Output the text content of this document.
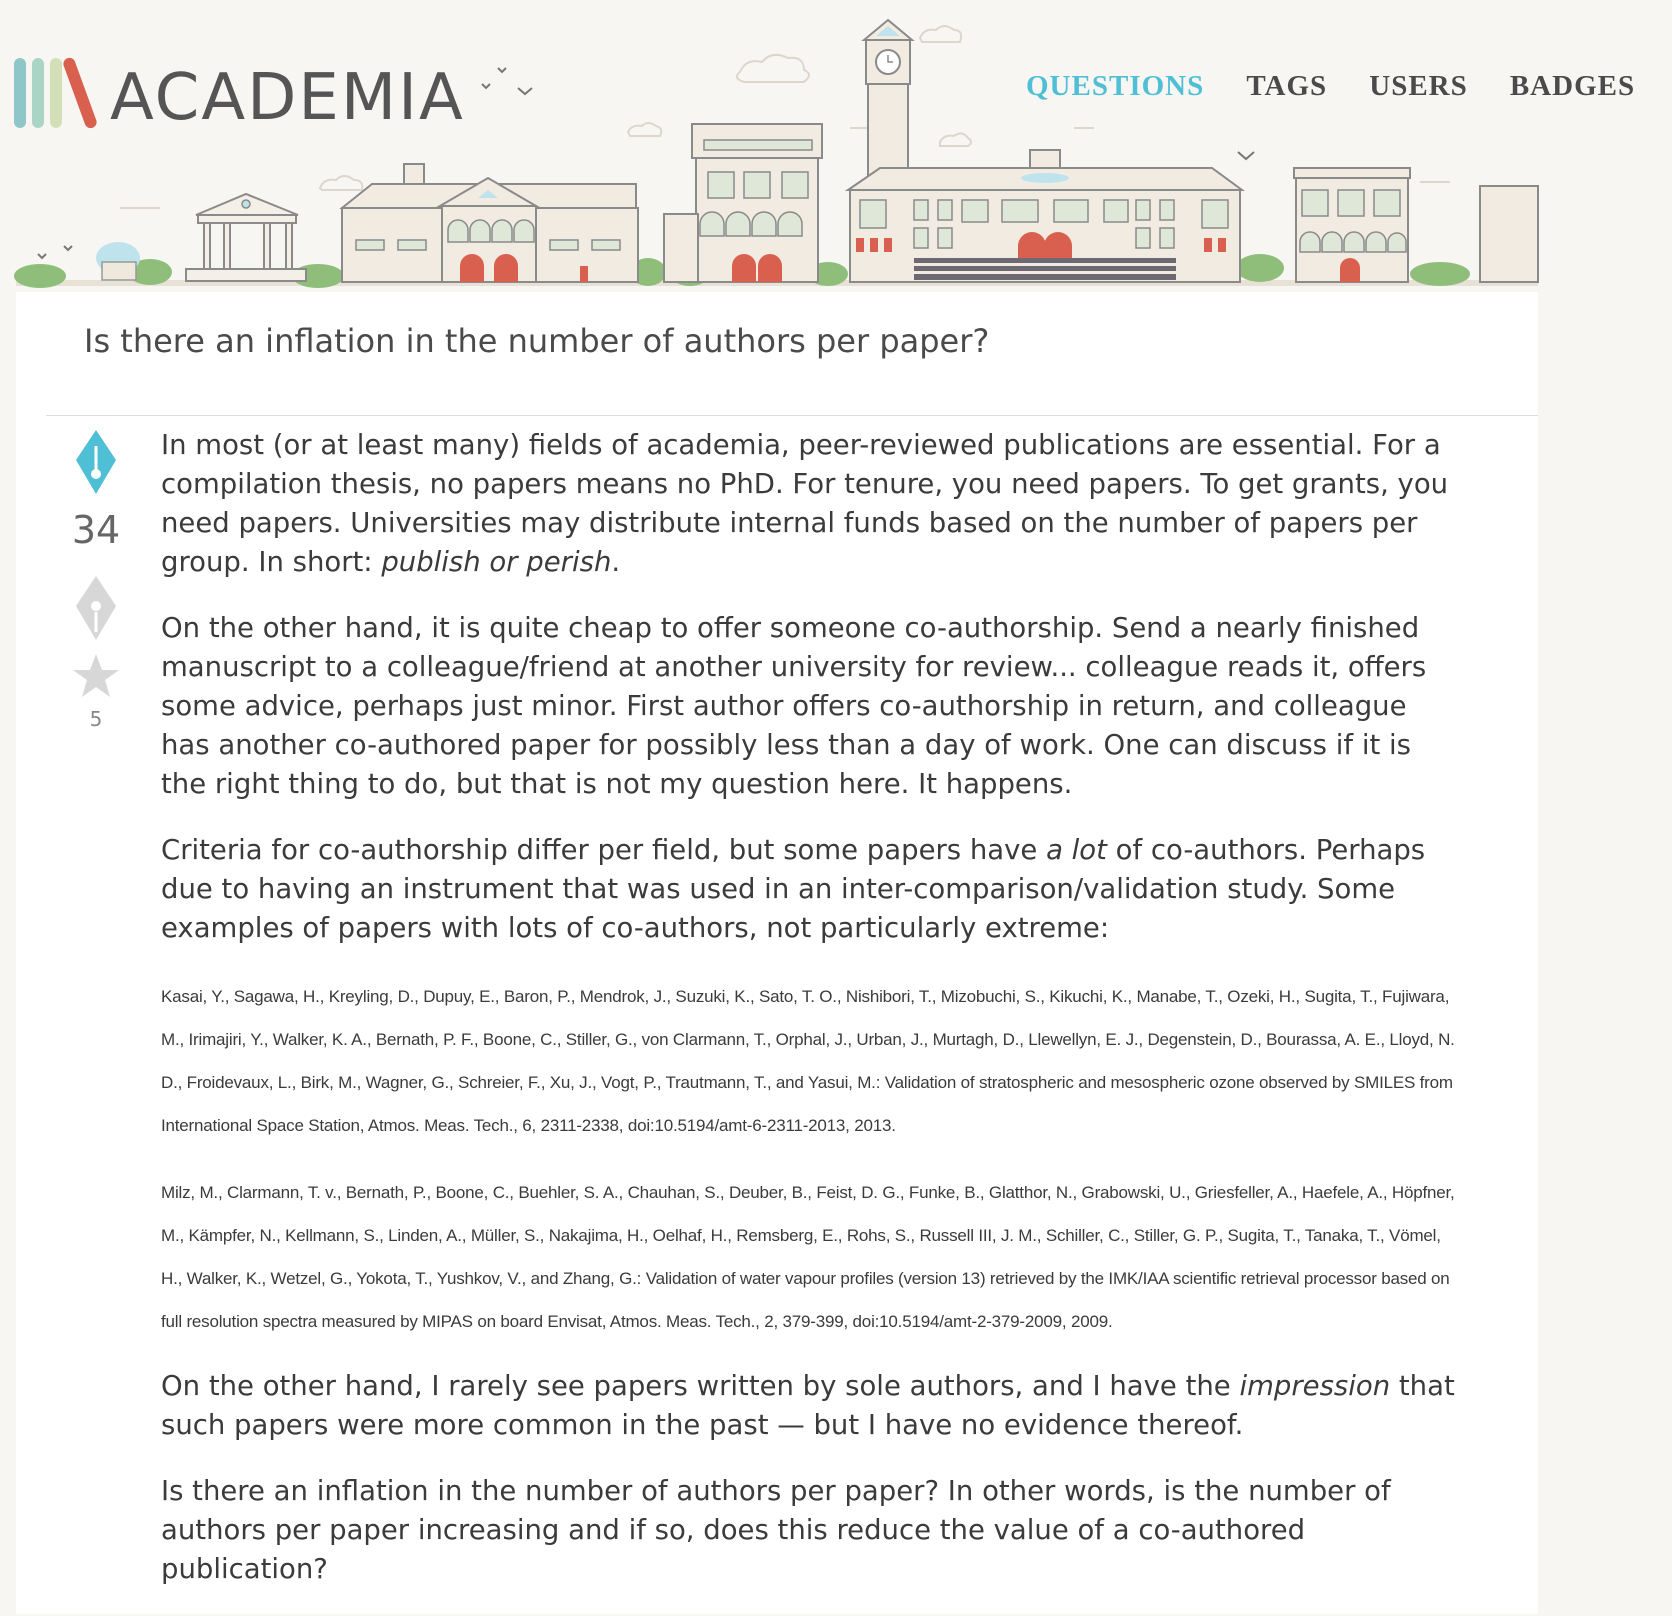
ACADEMIA	QUESTIONS TAGS USERS BADGES
Is there an inflation in the number of authors per paper?
34
5

In most (or at least many) fields of academia, peer-reviewed publications are essential. For a compilation thesis, no papers means no PhD. For tenure, you need papers. To get grants, you need papers. Universities may distribute internal funds based on the number of papers per group. In short: publish or perish.

On the other hand, it is quite cheap to offer someone co-authorship. Send a nearly finished manuscript to a colleague/friend at another university for review... colleague reads it, offers some advice, perhaps just minor. First author offers co-authorship in return, and colleague has another co-authored paper for possibly less than a day of work. One can discuss if it is the right thing to do, but that is not my question here. It happens.

Criteria for co-authorship differ per field, but some papers have a lot of co-authors. Perhaps due to having an instrument that was used in an inter-comparison/validation study. Some examples of papers with lots of co-authors, not particularly extreme:

Kasai, Y., Sagawa, H., Kreyling, D., Dupuy, E., Baron, P., Mendrok, J., Suzuki, K., Sato, T. O., Nishibori, T., Mizobuchi, S., Kikuchi, K., Manabe, T., Ozeki, H., Sugita, T., Fujiwara, M., Irimajiri, Y., Walker, K. A., Bernath, P. F., Boone, C., Stiller, G., von Clarmann, T., Orphal, J., Urban, J., Murtagh, D., Llewellyn, E. J., Degenstein, D., Bourassa, A. E., Lloyd, N. D., Froidevaux, L., Birk, M., Wagner, G., Schreier, F., Xu, J., Vogt, P., Trautmann, T., and Yasui, M.: Validation of stratospheric and mesospheric ozone observed by SMILES from International Space Station, Atmos. Meas. Tech., 6, 2311-2338, doi:10.5194/amt-6-2311-2013, 2013.

Milz, M., Clarmann, T. v., Bernath, P., Boone, C., Buehler, S. A., Chauhan, S., Deuber, B., Feist, D. G., Funke, B., Glatthor, N., Grabowski, U., Griesfeller, A., Haefele, A., Höpfner, M., Kämpfer, N., Kellmann, S., Linden, A., Müller, S., Nakajima, H., Oelhaf, H., Remsberg, E., Rohs, S., Russell III, J. M., Schiller, C., Stiller, G. P., Sugita, T., Tanaka, T., Vömel, H., Walker, K., Wetzel, G., Yokota, T., Yushkov, V., and Zhang, G.: Validation of water vapour profiles (version 13) retrieved by the IMK/IAA scientific retrieval processor based on full resolution spectra measured by MIPAS on board Envisat, Atmos. Meas. Tech., 2, 379-399, doi:10.5194/amt-2-379-2009, 2009.

On the other hand, I rarely see papers written by sole authors, and I have the impression that such papers were more common in the past — but I have no evidence thereof.

Is there an inflation in the number of authors per paper? In other words, is the number of authors per paper increasing and if so, does this reduce the value of a co-authored publication?
